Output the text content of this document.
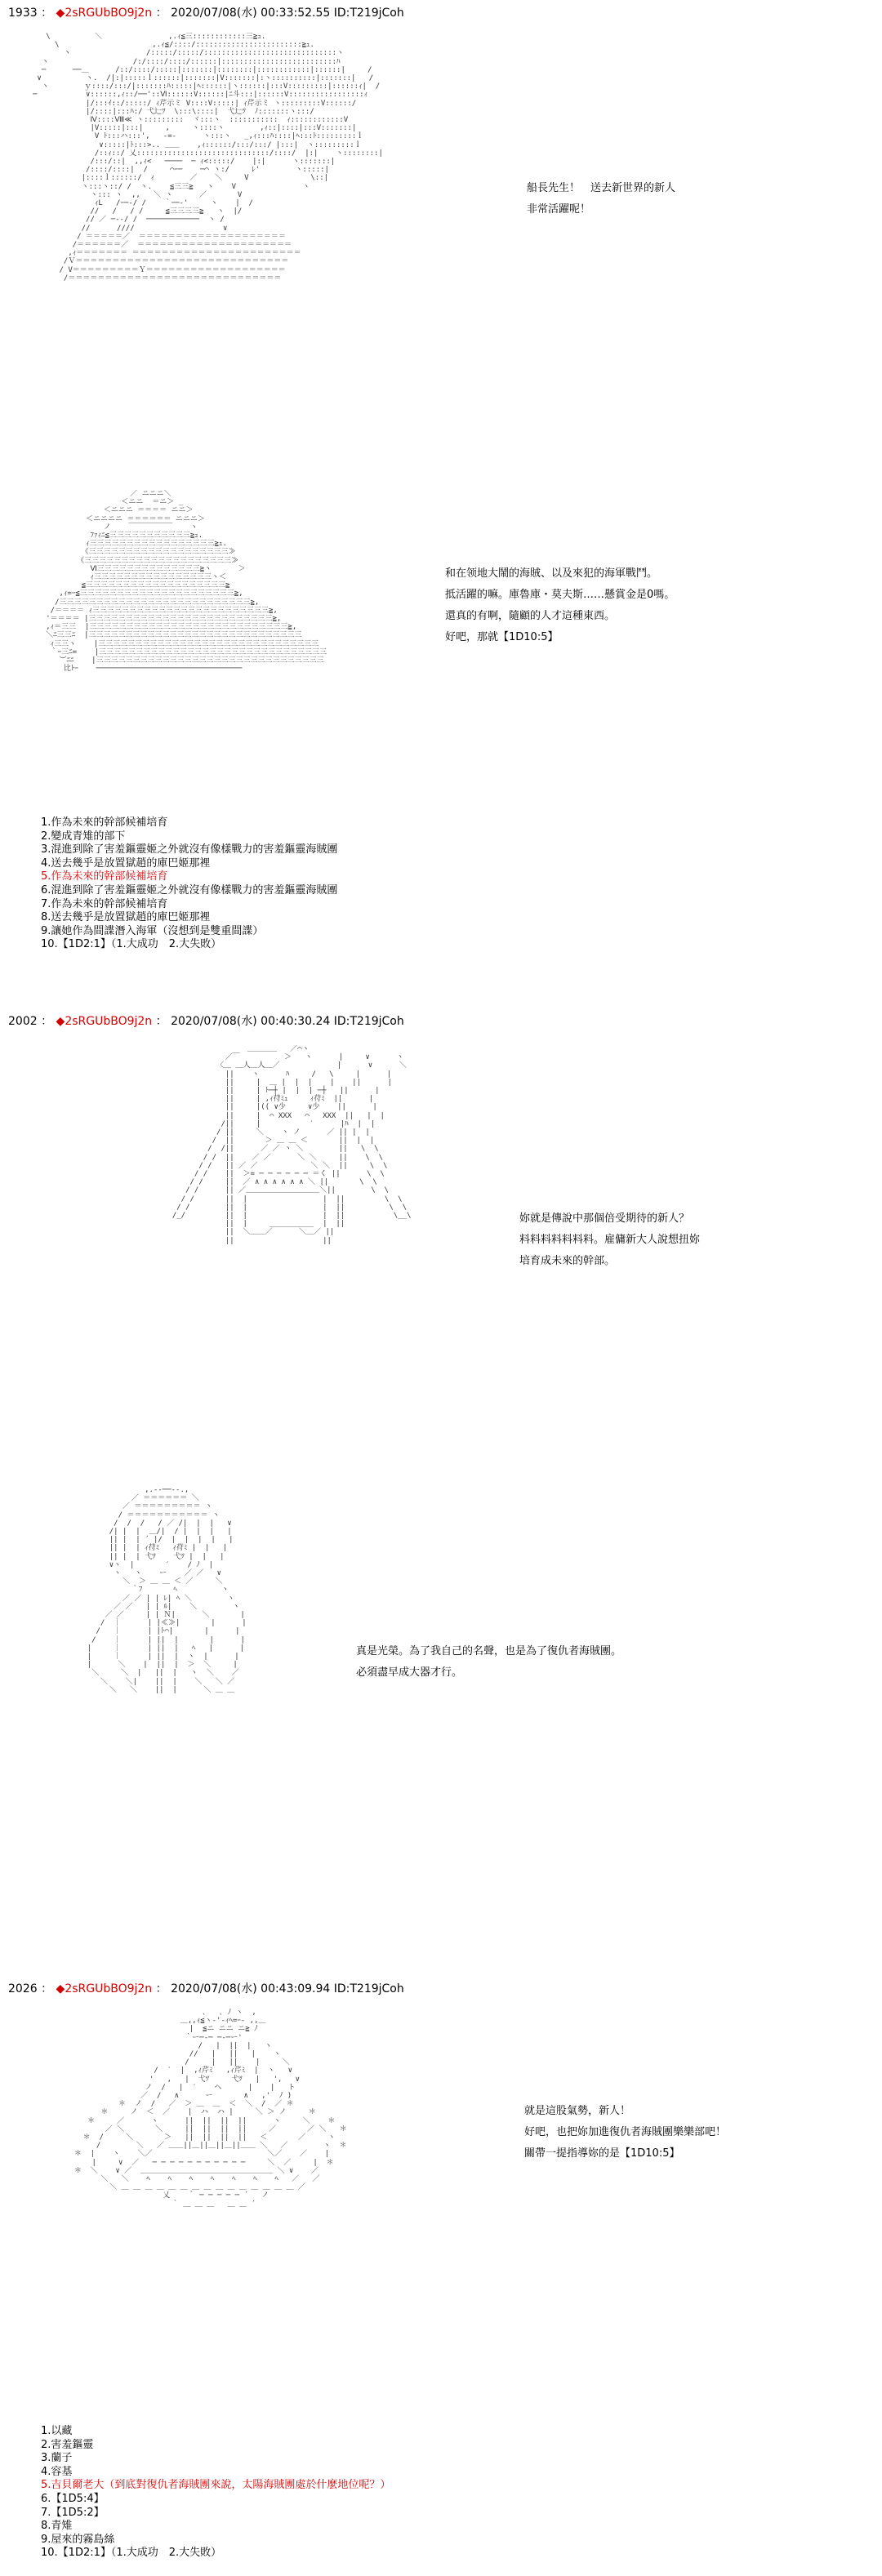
1933 ： ◆2sRGUbBO9j2n ： 2020/07/08(水) 00:33:52.55 ID:T219jCoh
\          ＼               ,.ｨ≦三::::::::::::三≧ｭ.
\                     ,.ｨ≦/::::/::::::::::::::::::::::::≧ｭ.
ヽ                 /:::::/:::::/::::::::::::::::::::::::::::::ヽ
ヽ                   /:/::::/::::/::::::|::::::::::::::::::::::::::ﾊ
─      ──＿      /::/::::/:::::|:::::::|::::::::|::::::::::::|::::::|     /
∨          ヽ.  /|:|:::::ｌ::::::|:::::::|V:::::::|:ヽ::::::::::|:::::::|   /
ヽ        ｙ::::/:::/|:::::::ﾊ:::::|ﾍ::::::|ヽ::::::|:::V:::::::::|::::::ｨ|  /
─           ∨::::::,ｨ::/──'::Ⅵ::::::V::::::|ﾆ斗:::|::::::V:::::::::::::::::ｨ
|/:::ｲ::/:::::/ ｨ芹示ミ V::::V:::::| ｨ芹示ミ ヽ:::::::::V::::::/
|/::::|:::ﾊ:/ 弋辷ﾂ  \:::\::::|  弋辷ﾂ  ﾉ:::::::ヽ:::/
Ⅳ::::Ⅷ≪ ヽ:::::::::  ヾ:::ヽ  :::::::::::  ｨ::::::::::::V
|V:::::|:::|     ,     ヽ::::ヽ        ,ｨ::|::::|:::V:::::::|
V ﾄ:::ハ:::',   ‐=‐      ヽ:::ヽ   _,ｨ:::ﾊ::::|ﾍ:::ﾄ:::::::::ｌ
∨:::::|ﾄ:::>.. ＿＿    ,ｨ::::::/:::/:::/ |:::|  ヽ:::::::::ｌ
/::ｨ::/ 乂::::::::::::::::::::::::::::::/::::/  |:|    ヽ::::::::|
/:::/::|  ,,ｨ<   ────  ─ ｨ<:::::/    |:|      ヽ:::::::|
/::::/::::|  /     ⌒ｰ─    ─⌒ ヽ:/     ﾚ'        ヽ:::::|
|::::ｌ::::::/  ｨ        ／    ＼     V              \::|
ヽ:::ヽ::/ /  ヽ.    ≦三三≧   ヽ    V               ヽ
ヽ::: ヽ  ,,   ＼ ヽ      ／       V
ｨL   /ｰ─-/ /    ｀ｰ─‐'     ヽ    |  /
//   /   / /     ≦三三三三≧   ヽ  |/
// ／ ─‐-/ /  ────────────  ヽ /
//      ////                    ∨
/ ＝＝＝＝＝／  ＝＝＝＝＝＝＝＝＝＝＝＝＝＝＝＝＝＝＝＝
/＝＝＝＝＝＝／  ＝＝＝＝＝＝＝＝＝＝＝＝＝＝＝＝＝＝＝＝＝
,ｨ＝＝＝＝＝＝＝ ＝＝＝＝＝＝＝＝＝＝＝＝＝＝＝＝＝＝＝＝＝＝＝
/Ｖ＝＝＝＝＝＝＝＝＝＝＝＝＝＝＝＝＝＝＝＝＝＝＝＝＝＝＝＝＝
/ V＝＝＝＝＝＝＝＝＝Ｙ＝＝＝＝＝＝＝＝＝＝＝＝＝＝＝＝＝＝＝
/＝＝＝＝＝＝＝＝＝＝＝＝＝＝＝＝＝＝＝＝＝＝＝＝＝＝＝＝＝

船長先生！　送去新世界的新人
非常活躍呢！
／ ニニニ＼
＜ニニ  ＝ニ＞ _
＜ニニニ ＝＝＝＝ ニニ＞
＜ニニニニ ＝＝＝＝＝＝ ニニニ＞
ノ    ￣￣￣￣￣￣    ヽ
ﾌｧｨﾆ≦三三三三三三三三三三三≧ｭ.
ｨ三三三三三三三三三三三三三三三三三≧ｭ.
《三三三三三三三三三三三三三三三三三三三≫
《三三三三三三三三三三三三三三三三三三三三≫
Ⅵ三三三三三三三三三三三三三三≧ヽ      ＞
ｨ三三三三三三三三三三三三三三三三ヽ＜
≦三三三三三三三三三三三三三三三三三三三≧
,ｨ=ｰ≦三三三三三三三三三三三三三三三三三三三三三≧,
/三三三三三三三三三三三三三三三三三三三三三三三三三三≧,
/＝＝＝＝ ｨ三三三三三三三三三三三三三三三三三三三三三三三三≧,
'＝＝＝＝ |三三三三三三三三三三三三三三三三三三三三三三三三三≧,
,ｨ＝三三  |三三三三三三三三三三三三三三三三三三三三三三三三三三三≧,
＼ﾆ三三ﾆ  |三三三三三三三三三三三三三三三三三三三三三三三三三三三三三
ｨ三三ヽ    |三三三三三三三三三三三三三三三三三三三三三三三三三三三三三三
｀ｰ三ﾆ=    |三三三三三三三三三三三三三三三三三三三三三三三三三三三三三三三
︶ﾆﾆ    |三三三三三三三三三三三三三三三三三三三三三三三三三三三三三三三
比ﾄｰ    ─────────────────────────────────

和在领地大鬧的海賊、以及來犯的海軍戰鬥。
抵活躍的嘛。庫魯庫・莫夫斯……懸賞金是0嗎。
還真的有啊，隨顧的人才這種東西。
好吧，那就【1D10:5】
1.作為未來的幹部候補培育
2.變成青雉的部下
3.混進到除了害羞鏂靈姬之外就沒有像樣戰力的害羞鏂靈海賊團
4.送去幾乎是放置獄趙的庫巴姬那裡
5.作為未來的幹部候補培育
6.混進到除了害羞鏂靈姬之外就沒有像樣戰力的害羞鏂靈海賊團
7.作為未來的幹部候補培育
8.送去幾乎是放置獄趙的庫巴姬那裡
9.讓她作為間諜潛入海軍（沒想到是雙重間諜）
10.【1D2:1】（1.大成功　2.大失敗）
2002 ： ◆2sRGUbBO9j2n ： 2020/07/08(水) 00:40:30.24 ID:T219jCoh
＿＿＿＿   ／⌒ヽ
／￣          ＞   ヽ      |     ∨      ヽ
〈＿ ＿人＿人＿／             |      ∨      ＼
||    ヽ      ﾊ     /   \     |      |
||     |  ＿ |  |  |    |    ||      |
||     | ﾄ─┼ |  |  | ─┼   ||      |
||     | ,ｨ苻ﾐｭ     ｨ苻ﾐ  ||      |
||     |(( ∨少     ∨少    ||      |
||     |  ⌒ XXX   ⌒   XXX  ||   |  |
/||     |           ′      |ﾊ  |  |
/ ||     ＼    ヽ ノ      ／ || |  |
/  ||       ＞ ＿ ＿ ＜       ||  |  |
/  /||      ／ ／ ヽ ＼        ||   \  \
/ /  ||    ／ ／      ＼ ＼     ||    \  \
/ /   || ／ ／            ＼ ＼  ||     \  \
/ /    ||  ＞= ─ ─ ─ ─ ─ ─ ＝く ||      \  \
/ /     ||  ／ ∧ ∧ ∧ ∧ ∧ ∧ ＼ ||       \  \
/ /      || ／＿＿＿＿＿＿＿＿＿＿＼||        \  \
/ /       ||  |                 |  ||         \  \
/ /        ||  |                 |  ||          \  \
/_/         ||  |                 |  ||           \__\
||  |     __________  |  ||
||  ＼＿＿／      ＼＿／ ||
||                    ||

妳就是傳說中那個倍受期待的新人？
料料料料料料料。雇傭新大人說想扭妳
培育成未來的幹部。
,.-‐──‐-.,
／ ＝＝＝＝＝＝ ＼
／ ＝＝＝＝＝＝＝＝＝ ヽ
/ ＝＝＝＝＝＝＝＝＝＝＝ ヽ
/  /  /   / ／ /|  |  |   ∨
/| |  |  ＿/|  / |  |  |   |
|| |  | ´ |/  |  |  |  |   |
|| |  | ｨ苻ﾐ   ｨ苻ﾐ |  |   |
|| |  | 弋ﾂ    弋ﾂ |  |   |
∨ヽ  |       ′    / ﾉ  |
ヽ   ヽ    ー    ／ ／   ∨
＼  ＞ ＿ ＿ ＜ ／     ＼
｀ﾌ       ﾍ          ヽ
／ ／ | | ﾚ| ﾍ ＼        ヽ
／ ／   | | ﾙ|    ＼        ヽ
／ ／     | | Ｎ|      ＼       |
/  ｜      | |≪≫|       |      |
/   ｜      | |ﾄ⌒|       |      |
/    ｜      | ||  |       |      |
|     ｜      | ||  |   ﾍ   |      |
|     ｜      | ||  |  ヽ  |      |
|      ＼    |  ||  |  ＞  ＼     |
＼     ＼  |   ||  |   ヽ  ＼    ／
＼    ＼|    ||  |    ＼   ＼ ／
＼   ＼    ||  |      ＼ ＿ ＿

真是光榮。為了我自己的名聲，也是為了復仇者海賊團。
必須盡早成大器才行。
2026 ： ◆2sRGUbBO9j2n ： 2020/07/08(水) 00:43:09.94 ID:T219jCoh
､   ､ ﾉ ヽ  ,
＿,,ｨ≦ヽ‐'‐ｨﾍ=ｰ‐ ,,＿
|  ≦ニ ニニ ニ≧ ﾉ
｀ー─-─ ─-─ー'
/   |  ||  |   ヽ
//   |   ||   |    ヽ
/     |   ||    |     ＼
/  ′  |  ,ｨ芹ﾐ   ,ｨ芹ﾐ  |  ヽ   ∨
'   ,   |  弋ﾂ     弋ﾂ   |   ',   ∨
ノ  /   |  ′    ヘ      |    |   ト
／  /   ∧      ー       ∧   ,'  ﾉ )
＊  ノ  /   ／  ＞ ＿  ＿  ＜  ＼  /  ／ ＊
＊     ノ  ＜  ／    |  ハ  ハ |     ＼ ＞ ノ     ＊
＊     ／      ヽ      ||  ||  ||  ||      ヽ     ＼    ＊
／ ＼       ＼     ||  ||  ||  ||     ／       ／ ＼   ＊
＊  /     ＼       ＞   ||  ||  ||  ||   ＜       ／     ヽ
/        ＼   ／ ＿＿||＿||＿||＿||＿＿ ＼   ／        ヽ  ＊
＊  |    ヽ    ＼／                          ＼／    ／    |
|     ∨  ／   ─ ─ ─ ─ ─ ─ ─ ─ ─ ─ ─     ＼  ／     |  ＊
＊  ＼    ∨ ／  ＿＿＿＿＿＿＿＿＿＿＿＿＿＿＿＿＿＿ ＼ ∨    ／
＼   ＼    ﾍ    ﾍ    ﾍ    ﾍ    ﾍ    ﾍ    ﾍ   ／   ／
＼ ＿ ＿ ＿ ＿ ＿ ＿ ＿ ＿ ＿ ＿ ＿ ＿ ＿ ＿ ＿ ／
乂    ｀ ─ ─ ─ ─ ─ ´   ノ
｀ ＿ ＿ ＿   ＿ ＿ ´

就是這股氣勢，新人！
好吧，也把妳加進復仇者海賊團樂樂部吧！
關帶一提指導妳的是【1D10:5】
1.以藏
2.害羞鏂靈
3.蘭子
4.容基
5.吉貝爾老大（到底對復仇者海賊團來說，太陽海賊團處於什麼地位呢？）
6.【1D5:4】
7.【1D5:2】
8.青雉
9.屋來的霧島絲
10.【1D2:1】（1.大成功　2.大失敗）
